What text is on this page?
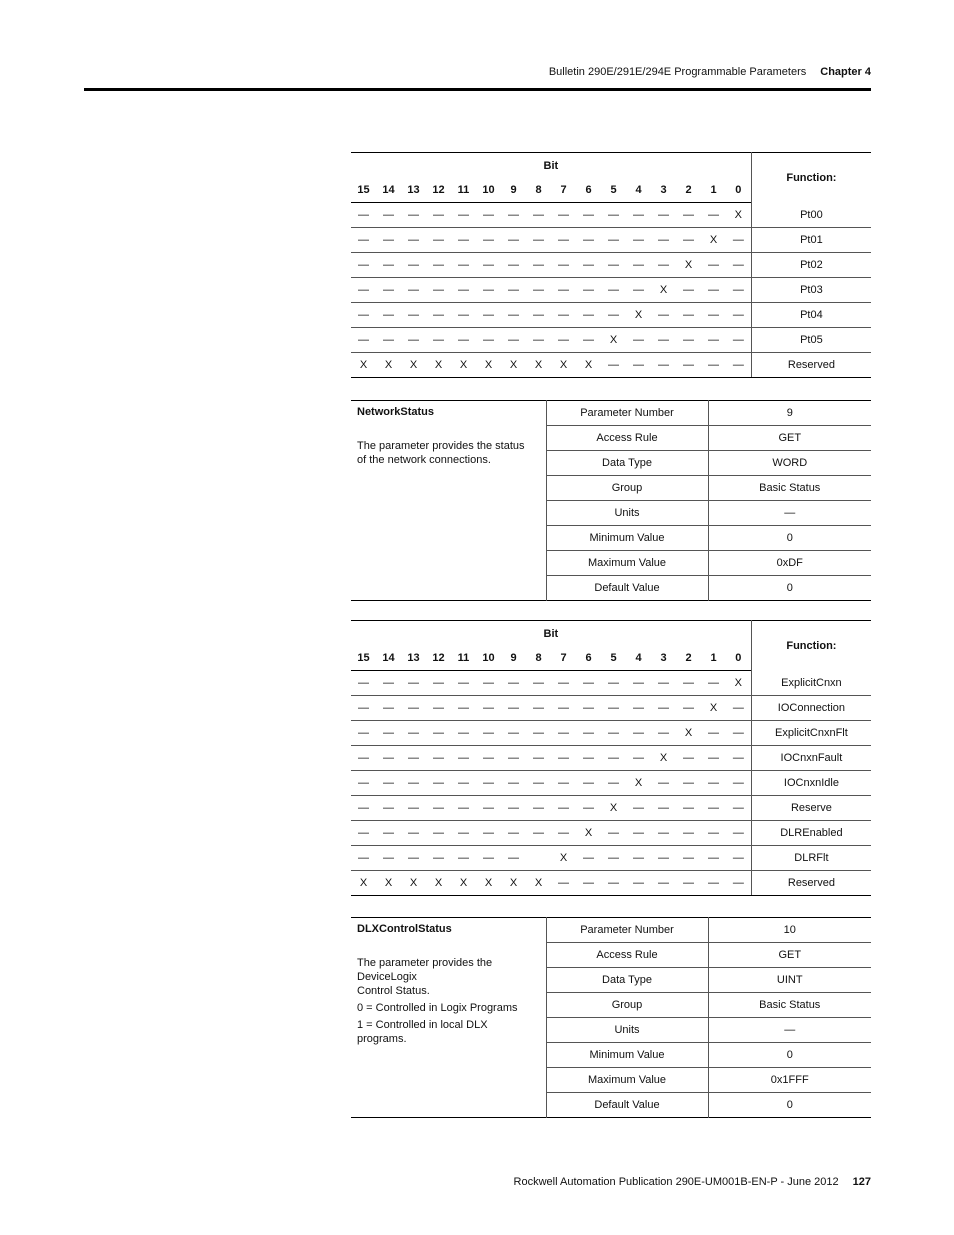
Bulletin 290E/291E/294E Programmable Parameters Chapter 4
Bit																Function:
15	14	13	12	11	10	9	8	7	6	5	4	3	2	1	0	
—	—	—	—	—	—	—	—	—	—	—	—	—	—	—	X	Pt00
—	—	—	—	—	—	—	—	—	—	—	—	—	—	X	—	Pt01
—	—	—	—	—	—	—	—	—	—	—	—	—	X	—	—	Pt02
—	—	—	—	—	—	—	—	—	—	—	—	X	—	—	—	Pt03
—	—	—	—	—	—	—	—	—	—	—	X	—	—	—	—	Pt04
—	—	—	—	—	—	—	—	—	—	X	—	—	—	—	—	Pt05
X	X	X	X	X	X	X	X	X	X	—	—	—	—	—	—	Reserved
NetworkStatus
The parameter provides the status
of the network connections.	Parameter Number	9
	Access Rule	GET
	Data Type	WORD
	Group	Basic Status
	Units	—
	Minimum Value	0
	Maximum Value	0xDF
	Default Value	0
Bit																Function:
15	14	13	12	11	10	9	8	7	6	5	4	3	2	1	0	
—	—	—	—	—	—	—	—	—	—	—	—	—	—	—	X	ExplicitCnxn
—	—	—	—	—	—	—	—	—	—	—	—	—	—	X	—	IOConnection
—	—	—	—	—	—	—	—	—	—	—	—	—	X	—	—	ExplicitCnxnFlt
—	—	—	—	—	—	—	—	—	—	—	—	X	—	—	—	IOCnxnFault
—	—	—	—	—	—	—	—	—	—	—	X	—	—	—	—	IOCnxnIdle
—	—	—	—	—	—	—	—	—	—	X	—	—	—	—	—	Reserve
—	—	—	—	—	—	—	—	—	X	—	—	—	—	—	—	DLREnabled
—	—	—	—	—	—	—		X	—	—	—	—	—	—	—	DLRFlt
X	X	X	X	X	X	X	X	—	—	—	—	—	—	—	—	Reserved
DLXControlStatus
The parameter provides the DeviceLogix
Control Status.
0 = Controlled in Logix Programs
1 = Controlled in local DLX programs.	Parameter Number	10
	Access Rule	GET
	Data Type	UINT
	Group	Basic Status
	Units	—
	Minimum Value	0
	Maximum Value	0x1FFF
	Default Value	0
Rockwell Automation Publication 290E-UM001B-EN-P - June 2012 127
